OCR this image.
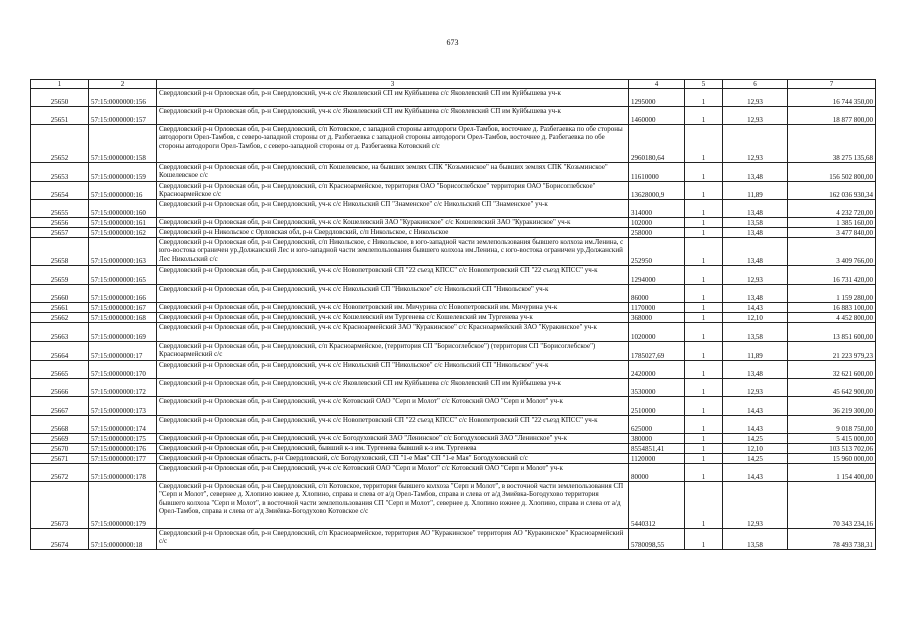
673
1	2	3	4	5	6	7
25650	57:15:0000000:156	Свердловский р-н Орловская обл, р-н Свердловский, уч-к с/с Яковлевский СП им Куйбышева с/с Яковлевский СП им Куйбышева уч-к	1295000	1	12,93	16 744 350,00
25651	57:15:0000000:157	Свердловский р-н Орловская обл, р-н Свердловский, уч-к с/с Яковлевский СП им Куйбышева с/с Яковлевский СП им Куйбышева уч-к	1460000	1	12,93	18 877 800,00
25652	57:15:0000000:158	Свердловский р-н Орловская обл, р-н Свердловский, с/п Котовское, с западной стороны автодороги Орел-Тамбов, восточнее д. Разбегаевка по обе стороны автодороги Орел-Тамбов, с северо-западной стороны от д. Разбегаевка с западной стороны автодороги Орел-Тамбов, восточнее д. Разбегаевка по обе стороны автодороги Орел-Тамбов, с северо-западной стороны от д. Разбегаевка Котовский с/с	2960180,64	1	12,93	38 275 135,68
25653	57:15:0000000:159	Свердловский р-н Орловская обл, р-н Свердловский, с/п Кошелевское, на бывших землях СПК "Козьминское" на бывших землях СПК "Козьминское" Кошелевское с/с	11610000	1	13,48	156 502 800,00
25654	57:15:0000000:16	Свердловский р-н Орловская обл, р-н Свердловский, с/п Красноармейское, территория ОАО "Борисоглебское" территория ОАО "Борисоглебское" Красноармейское с/с	13628000,9	1	11,89	162 036 930,34
25655	57:15:0000000:160	Свердловский р-н Орловская обл, р-н Свердловский, уч-к с/с Никольский СП "Знаменское" с/с Никольский СП "Знаменское" уч-к	314000	1	13,48	4 232 720,00
25656	57:15:0000000:161	Свердловский р-н Орловская обл, р-н Свердловский, уч-к с/с Кошелевский ЗАО "Куракинское" с/с Кошелевский ЗАО "Куракинское" уч-к	102000	1	13,58	1 385 160,00
25657	57:15:0000000:162	Свердловский р-н Никольское с Орловская обл, р-н Свердловский, с/п Никольское, с Никольское	258000	1	13,48	3 477 840,00
25658	57:15:0000000:163	Свердловский р-н Орловская обл, р-н Свердловский, с/п Никольское, с Никольское, в юго-западной части землепользования бывшего колхоза им.Ленина, с юго-востока ограничен ур.Должанский Лес и юго-западной части землепользования бывшего колхоза им.Ленина, с юго-востока ограничен ур.Должанский Лес Никольский с/с	252950	1	13,48	3 409 766,00
25659	57:15:0000000:165	Свердловский р-н Орловская обл, р-н Свердловский, уч-к с/с Новопетровский СП "22 съезд КПСС" с/с Новопетровский СП "22 съезд КПСС" уч-к	1294000	1	12,93	16 731 420,00
25660	57:15:0000000:166	Свердловский р-н Орловская обл, р-н Свердловский, уч-к с/с Никольский СП "Никольское" с/с Никольский СП "Никольское" уч-к	86000	1	13,48	1 159 280,00
25661	57:15:0000000:167	Свердловский р-н Орловская обл, р-н Свердловский, уч-к с/с Новопетровский им. Мичурина с/с Новопетровский им. Мичурина уч-к	1170000	1	14,43	16 883 100,00
25662	57:15:0000000:168	Свердловский р-н Орловская обл, р-н Свердловский, уч-к с/с Кошелевский им Тургенева с/с Кошелевский им Тургенева уч-к	368000	1	12,10	4 452 800,00
25663	57:15:0000000:169	Свердловский р-н Орловская обл, р-н Свердловский, уч-к с/с Красноармейский ЗАО "Куракинское" с/с Красноармейский ЗАО "Куракинское" уч-к	1020000	1	13,58	13 851 600,00
25664	57:15:0000000:17	Свердловский р-н Орловская обл, р-н Свердловский, с/п Красноармейское, (территория СП "Борисоглебское") (территория СП "Борисоглебское") Красноармейский с/с	1785027,69	1	11,89	21 223 979,23
25665	57:15:0000000:170	Свердловский р-н Орловская обл, р-н Свердловский, уч-к с/с Никольский СП "Никольское" с/с Никольский СП "Никольское" уч-к	2420000	1	13,48	32 621 600,00
25666	57:15:0000000:172	Свердловский р-н Орловская обл, р-н Свердловский, уч-к с/с Яковлевский СП им Куйбышева с/с Яковлевский СП им Куйбышева уч-к	3530000	1	12,93	45 642 900,00
25667	57:15:0000000:173	Свердловский р-н Орловская обл, р-н Свердловский, уч-к с/с Котовский ОАО "Серп и Молот" с/с Котовский ОАО "Серп и Молот" уч-к	2510000	1	14,43	36 219 300,00
25668	57:15:0000000:174	Свердловский р-н Орловская обл, р-н Свердловский, уч-к с/с Новопетровский СП "22 съезд КПСС" с/с Новопетровский СП "22 съезд КПСС" уч-к	625000	1	14,43	9 018 750,00
25669	57:15:0000000:175	Свердловский р-н Орловская обл, р-н Свердловский, уч-к с/с Богодуховский ЗАО "Ленинское" с/с Богодуховский ЗАО "Ленинское" уч-к	380000	1	14,25	5 415 000,00
25670	57:15:0000000:176	Свердловский р-н Орловская обл, р-н Свердловский, бывший к-з им. Тургенева бывший к-з им. Тургенева	8554851,41	1	12,10	103 513 702,06
25671	57:15:0000000:177	Свердловский р-н Орловская область, р-н Свердловский, с/с Богодуховский, СП "1-е Мая" СП "1-е Мая" Богодуховский с/с	1120000	1	14,25	15 960 000,00
25672	57:15:0000000:178	Свердловский р-н Орловская обл, р-н Свердловский, уч-к с/с Котовский ОАО "Серп и Молот" с/с Котовский ОАО "Серп и Молот" уч-к	80000	1	14,43	1 154 400,00
25673	57:15:0000000:179	Свердловский р-н Орловская обл, р-н Свердловский, с/п Котовское, территория бывшего колхоза "Серп и Молот", в восточной части землепользования СП "Серп и Молот", севернее д. Хлопино южнее д. Хлопино, справа и слева от а/д Орел-Тамбов, справа и слева от а/д Змиёвка-Богодухово территория бывшего колхоза "Серп и Молот", в восточной части землепользования СП "Серп и Молот", севернее д. Хлопино южнее д. Хлопино, справа и слева от а/д Орел-Тамбов, справа и слева от а/д Змиёвка-Богодухово Котовское с/с	5440312	1	12,93	70 343 234,16
25674	57:15:0000000:18	Свердловский р-н Орловская обл, р-н Свердловский, с/п Красноармейское, территория АО "Куракинское" территория АО "Куракинское" Красноармейский с/с	5780098,55	1	13,58	78 493 738,31
